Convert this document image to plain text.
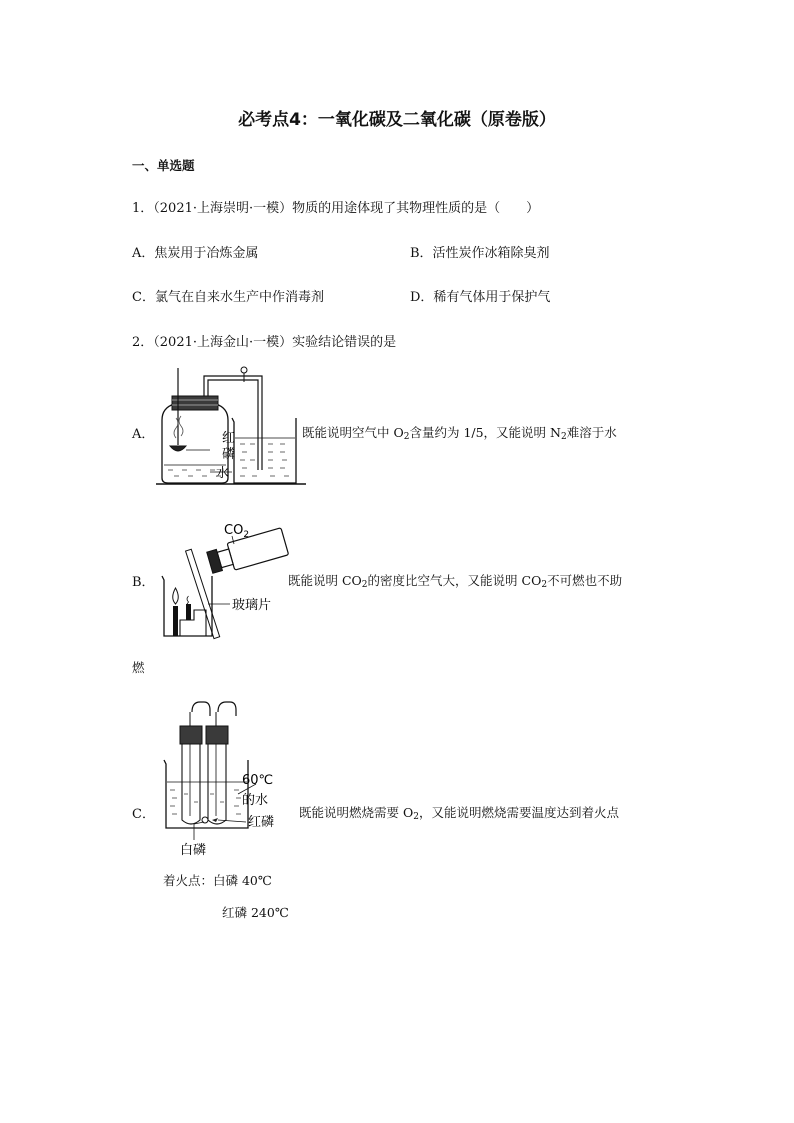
必考点4：一氧化碳及二氧化碳（原卷版）
一、单选题
1．（2021·上海崇明·一模）物质的用途体现了其物理性质的是（　　）
A．焦炭用于冶炼金属	B．活性炭作冰箱除臭剂
C．氯气在自来水生产中作消毒剂	D．稀有气体用于保护气
2．（2021·上海金山·一模）实验结论错误的是
A．	红
磷
水
既能说明空气中 $O_2$含量约为 1/5，又能说明 $N_2$难溶于水
B．
$CO_2$
玻璃片
既能说明 $CO_2$的密度比空气大，又能说明 $CO_2$不可燃也不助
燃
C．
60℃
的水
红磷
白磷
既能说明燃烧需要 $O_2$，又能说明燃烧需要温度达到着火点
着火点：白磷 40℃
红磷 240℃
